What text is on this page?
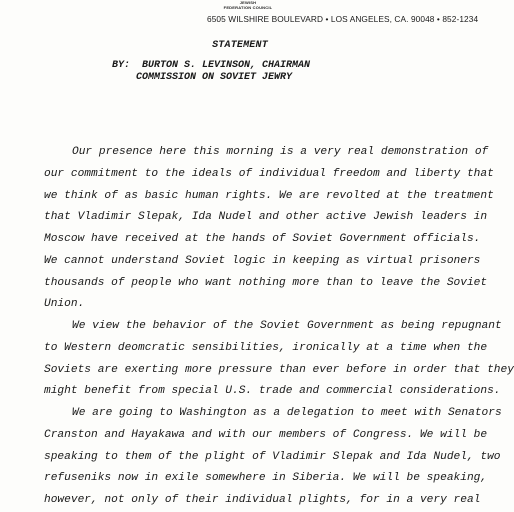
JEWISH
FEDERATION COUNCIL
6505 WILSHIRE BOULEVARD • LOS ANGELES, CA. 90048 • 852-1234
STATEMENT
BY: BURTON S. LEVINSON, CHAIRMAN
COMMISSION ON SOVIET JEWRY
Our presence here this morning is a very real demonstration of
our commitment to the ideals of individual freedom and liberty that
we think of as basic human rights. We are revolted at the treatment
that Vladimir Slepak, Ida Nudel and other active Jewish leaders in
Moscow have received at the hands of Soviet Government officials.
We cannot understand Soviet logic in keeping as virtual prisoners
thousands of people who want nothing more than to leave the Soviet
Union.
We view the behavior of the Soviet Government as being repugnant
to Western deomcratic sensibilities, ironically at a time when the
Soviets are exerting more pressure than ever before in order that they
might benefit from special U.S. trade and commercial considerations.
We are going to Washington as a delegation to meet with Senators
Cranston and Hayakawa and with our members of Congress. We will be
speaking to them of the plight of Vladimir Slepak and Ida Nudel, two
refuseniks now in exile somewhere in Siberia. We will be speaking,
however, not only of their individual plights, for in a very real
